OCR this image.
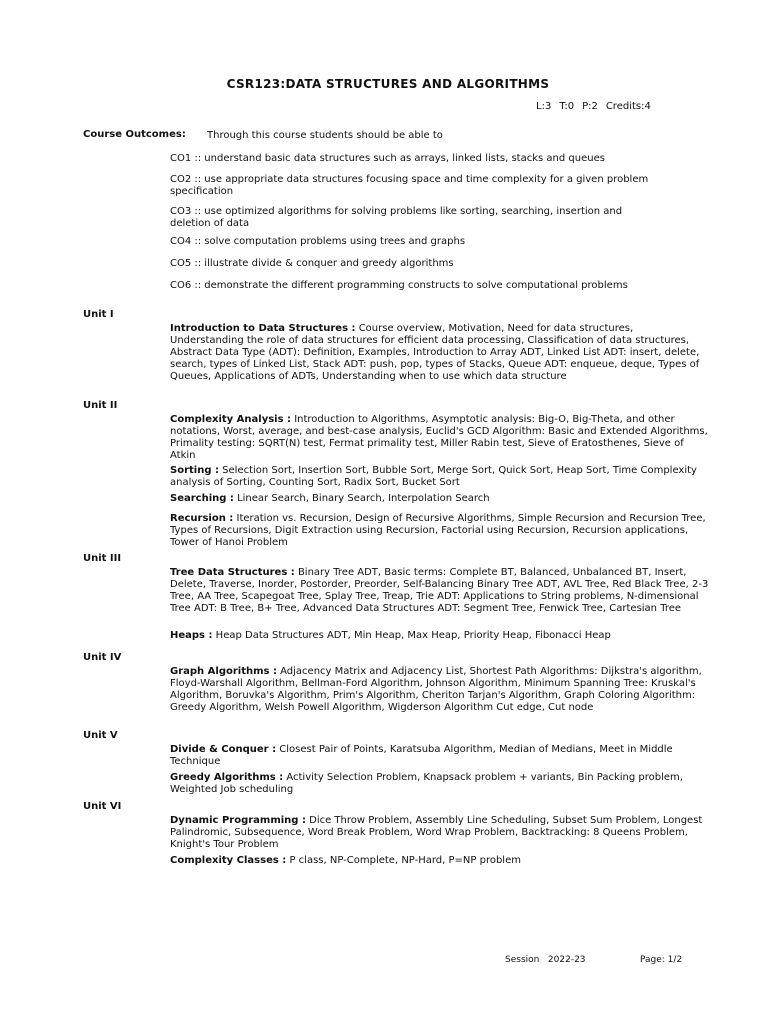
CSR123:DATA STRUCTURES AND ALGORITHMS
L:3 T:0 P:2 Credits:4
Course Outcomes: Through this course students should be able to
CO1 :: understand basic data structures such as arrays, linked lists, stacks and queues
CO2 :: use appropriate data structures focusing space and time complexity for a given problem specification
CO3 :: use optimized algorithms for solving problems like sorting, searching, insertion and deletion of data
CO4 :: solve computation problems using trees and graphs
CO5 :: illustrate divide & conquer and greedy algorithms
CO6 :: demonstrate the different programming constructs to solve computational problems
Unit I
Introduction to Data Structures : Course overview, Motivation, Need for data structures, Understanding the role of data structures for efficient data processing, Classification of data structures, Abstract Data Type (ADT): Definition, Examples, Introduction to Array ADT, Linked List ADT: insert, delete, search, types of Linked List, Stack ADT: push, pop, types of Stacks, Queue ADT: enqueue, deque, Types of Queues, Applications of ADTs, Understanding when to use which data structure
Unit II
Complexity Analysis : Introduction to Algorithms, Asymptotic analysis: Big-O, Big-Theta, and other notations, Worst, average, and best-case analysis, Euclid's GCD Algorithm: Basic and Extended Algorithms, Primality testing: SQRT(N) test, Fermat primality test, Miller Rabin test, Sieve of Eratosthenes, Sieve of Atkin
Sorting : Selection Sort, Insertion Sort, Bubble Sort, Merge Sort, Quick Sort, Heap Sort, Time Complexity analysis of Sorting, Counting Sort, Radix Sort, Bucket Sort
Searching : Linear Search, Binary Search, Interpolation Search
Recursion : Iteration vs. Recursion, Design of Recursive Algorithms, Simple Recursion and Recursion Tree, Types of Recursions, Digit Extraction using Recursion, Factorial using Recursion, Recursion applications, Tower of Hanoi Problem
Unit III
Tree Data Structures : Binary Tree ADT, Basic terms: Complete BT, Balanced, Unbalanced BT, Insert, Delete, Traverse, Inorder, Postorder, Preorder, Self-Balancing Binary Tree ADT, AVL Tree, Red Black Tree, 2-3 Tree, AA Tree, Scapegoat Tree, Splay Tree, Treap, Trie ADT: Applications to String problems, N-dimensional Tree ADT: B Tree, B+ Tree, Advanced Data Structures ADT: Segment Tree, Fenwick Tree, Cartesian Tree
Heaps : Heap Data Structures ADT, Min Heap, Max Heap, Priority Heap, Fibonacci Heap
Unit IV
Graph Algorithms : Adjacency Matrix and Adjacency List, Shortest Path Algorithms: Dijkstra's algorithm, Floyd-Warshall Algorithm, Bellman-Ford Algorithm, Johnson Algorithm, Minimum Spanning Tree: Kruskal's Algorithm, Boruvka's Algorithm, Prim's Algorithm, Cheriton Tarjan's Algorithm, Graph Coloring Algorithm: Greedy Algorithm, Welsh Powell Algorithm, Wigderson Algorithm Cut edge, Cut node
Unit V
Divide & Conquer : Closest Pair of Points, Karatsuba Algorithm, Median of Medians, Meet in Middle Technique
Greedy Algorithms : Activity Selection Problem, Knapsack problem + variants, Bin Packing problem, Weighted Job scheduling
Unit VI
Dynamic Programming : Dice Throw Problem, Assembly Line Scheduling, Subset Sum Problem, Longest Palindromic, Subsequence, Word Break Problem, Word Wrap Problem, Backtracking: 8 Queens Problem, Knight's Tour Problem
Complexity Classes : P class, NP-Complete, NP-Hard, P=NP problem
Session   2022-23	Page: 1/2
